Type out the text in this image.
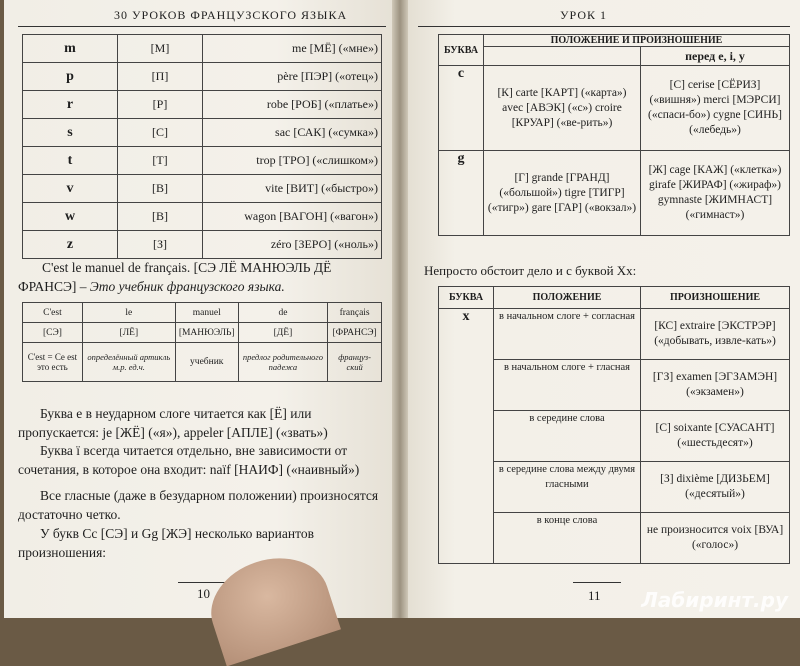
30 УРОКОВ ФРАНЦУЗСКОГО ЯЗЫКА
m	[М]	me [МЁ] («мне»)
p	[П]	père [ПЭР] («отец»)
r	[Р]	robe [РОБ] («платье»)
s	[С]	sac [САК] («сумка»)
t	[Т]	trop [ТРО] («слишком»)
v	[В]	vite [ВИТ] («быстро»)
w	[В]	wagon [ВАГОН] («вагон»)
z	[З]	zéro [ЗЕРО] («ноль»)
C'est le manuel de français. [СЭ ЛЁ МАНЮЭЛЬ ДЁ ФРАНСЭ] – Это учебник французского языка.
C'est	le	manuel	de	français
[СЭ]	[ЛЁ]	[МАНЮЭЛЬ]	[ДЁ]	[ФРАНСЭ]
C'est = Ce est это есть	определённый артикль м.р. ед.ч.	учебник	предлог родительного падежа	француз-ский
Буква e в неударном слоге читается как [Ё] или пропускается: je [ЖЁ] («я»), appeler [АПЛЕ] («звать»)
Буква ï всегда читается отдельно, вне зависимости от сочетания, в которое она входит: naïf [НАИФ] («наивный»)
Все гласные (даже в безударном положении) произносятся достаточно четко.
У букв Cc [СЭ] и Gg [ЖЭ] несколько вариантов произношения:
10
УРОК 1
БУКВА	ПОЛОЖЕНИЕ И ПРОИЗНОШЕНИЕ	
		перед e, i, y
c	[К] carte [КАРТ] («карта») avec [АВЭК] («с») croire [КРУАР] («ве-рить»)	[С] cerise [СЁРИЗ] («вишня») merci [МЭРСИ] («спаси-бо») cygne [СИНЬ] («лебедь»)
g	[Г] grande [ГРАНД] («большой») tigre [ТИГР] («тигр») gare [ГАР] («вокзал»)	[Ж] cage [КАЖ] («клетка») girafe [ЖИРАФ] («жираф») gymnaste [ЖИМНАСТ] («гимнаст»)
Непросто обстоит дело и с буквой Xx:
БУКВА	ПОЛОЖЕНИЕ	ПРОИЗНОШЕНИЕ
x	в начальном слоге + согласная	[КС] extraire [ЭКСТРЭР] («добывать, извле-кать»)
	в начальном слоге + гласная	[ГЗ] examen [ЭГЗАМЭН] («экзамен»)
	в середине слова	[С] soixante [СУАСАНТ] («шестьдесят»)
	в середине слова между двумя гласными	[З] dixième [ДИЗЬЕМ] («десятый»)
	в конце слова	не произносится voix [ВУА] («голос»)
11 Лабиринт.ру
